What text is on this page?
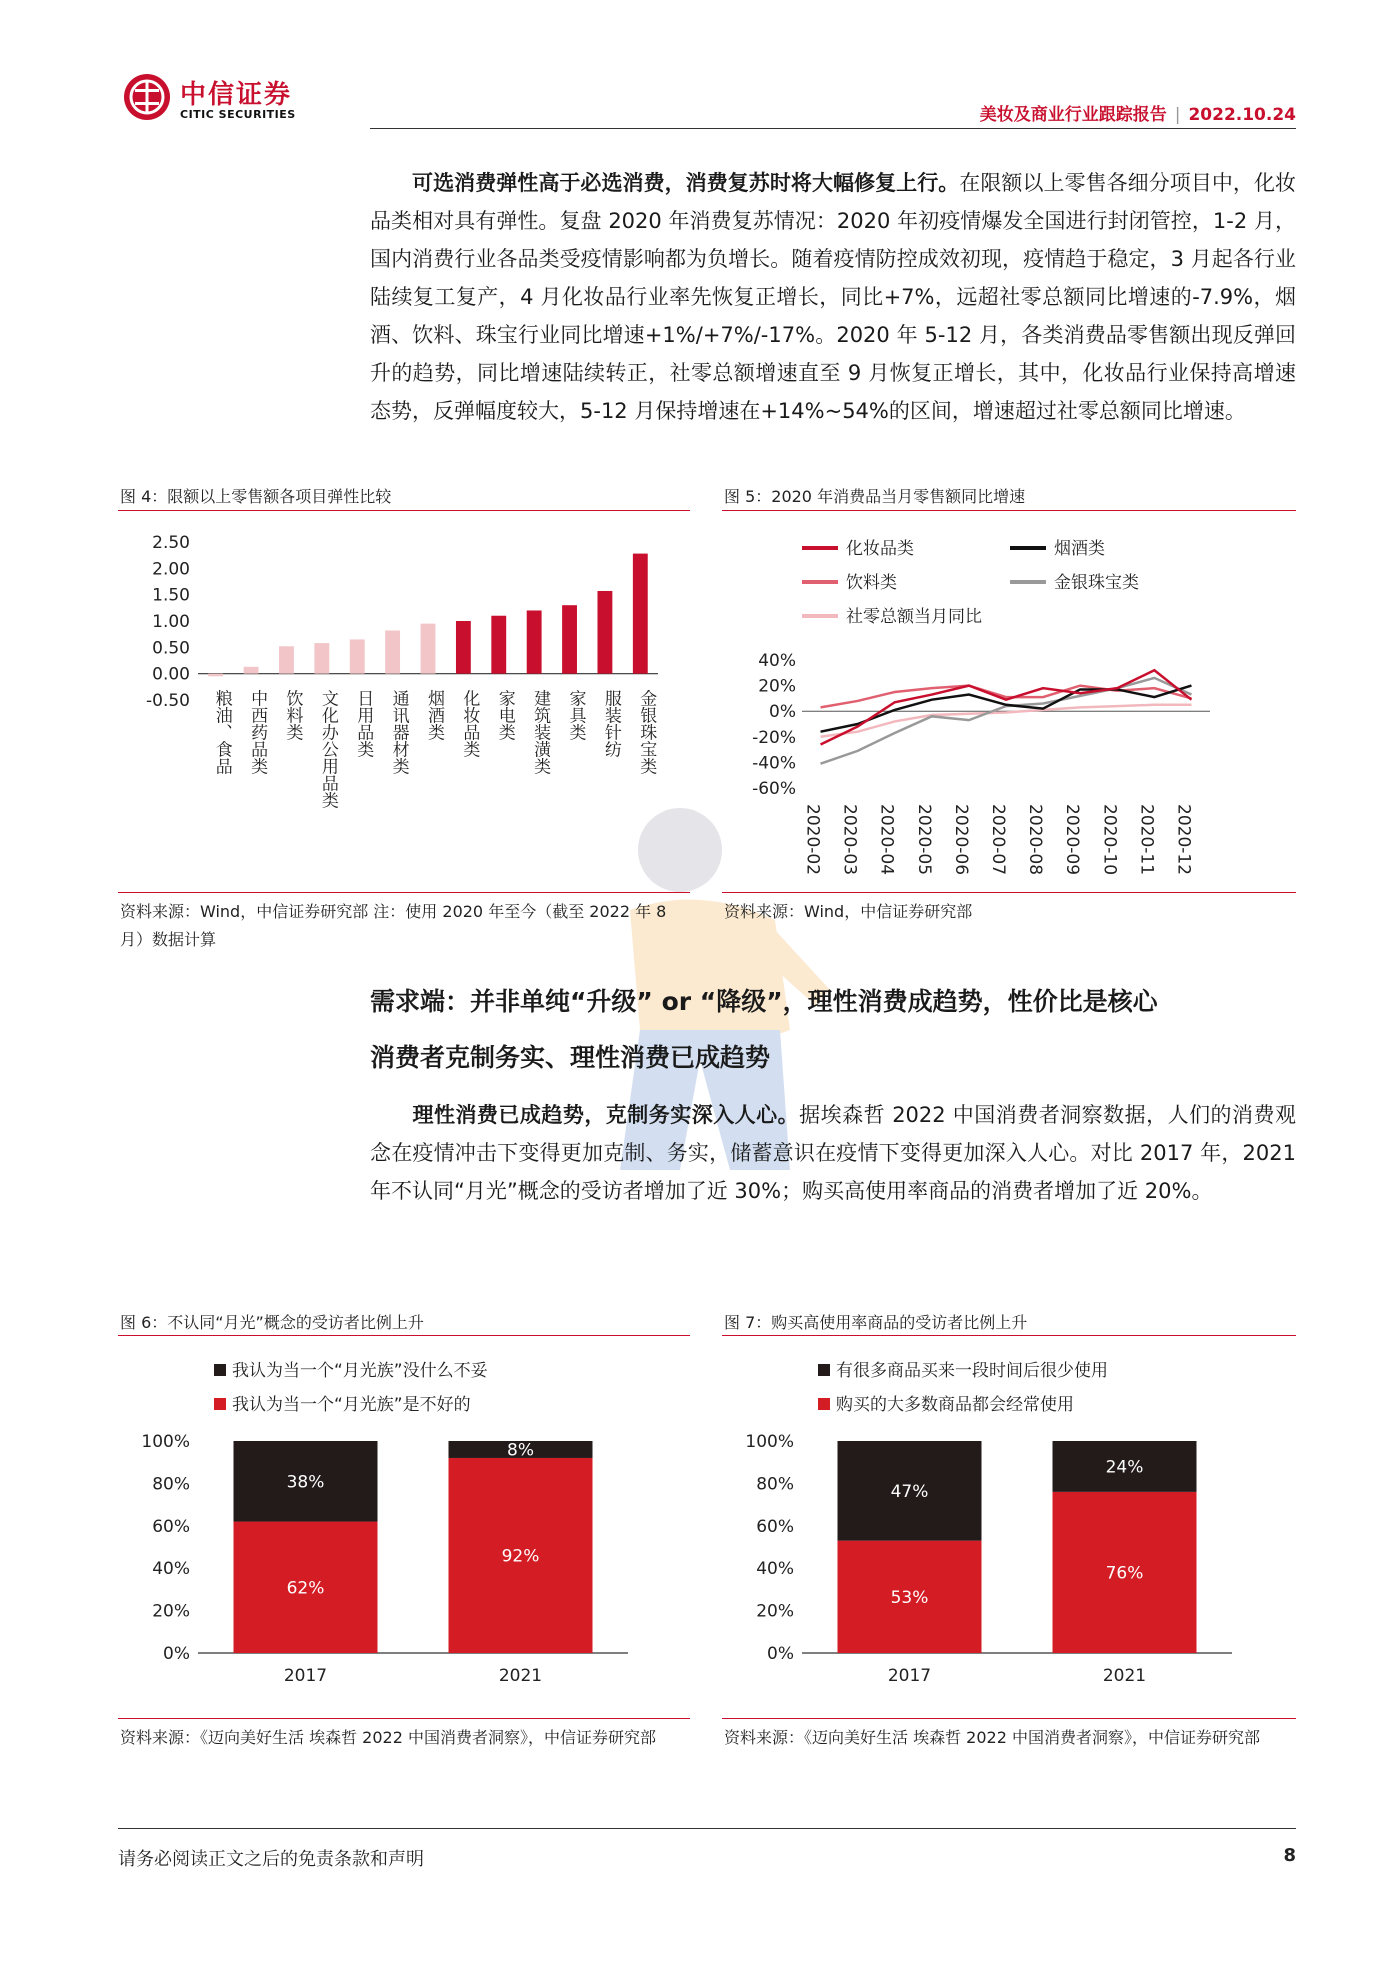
中信证券
CITIC SECURITIES	美妆及商业行业跟踪报告 | 2022.10.24
可选消费弹性高于必选消费，消费复苏时将大幅修复上行。在限额以上零售各细分项目中，化妆品类相对具有弹性。复盘 2020 年消费复苏情况：2020 年初疫情爆发全国进行封闭管控，1-2 月，国内消费行业各品类受疫情影响都为负增长。随着疫情防控成效初现，疫情趋于稳定，3 月起各行业陆续复工复产，4 月化妆品行业率先恢复正增长，同比+7%，远超社零总额同比增速的-7.9%，烟酒、饮料、珠宝行业同比增速+1%/+7%/-17%。2020 年 5-12 月，各类消费品零售额出现反弹回升的趋势，同比增速陆续转正，社零总额增速直至 9 月恢复正增长，其中，化妆品行业保持高增速态势，反弹幅度较大，5-12 月保持增速在+14%~54%的区间，增速超过社零总额同比增速。
图 4：限额以上零售额各项目弹性比较
2.50
2.00
1.50
1.00
0.50
0.00
-0.50 粮油、食品 中西药品类 饮料类 文化办公用品类 日用品类 通讯器材类 烟酒类 化妆品类 家电类 建筑装潢类 家具类 服装针纺 金银珠宝类
资料来源：Wind，中信证券研究部 注：使用 2020 年至今（截至 2022 年 8 月）数据计算
图 5：2020 年消费品当月零售额同比增速
化妆品类	烟酒类
饮料类	金银珠宝类
社零总额当月同比
40%
20%
0%
-20%
-40%
-60%
2020-02 2020-03 2020-04 2020-05 2020-06 2020-07 2020-08 2020-09 2020-10 2020-11 2020-12
资料来源：Wind，中信证券研究部
需求端：并非单纯“升级” or “降级”，理性消费成趋势，性价比是核心
消费者克制务实、理性消费已成趋势
理性消费已成趋势，克制务实深入人心。据埃森哲 2022 中国消费者洞察数据，人们的消费观念在疫情冲击下变得更加克制、务实，储蓄意识在疫情下变得更加深入人心。对比 2017 年，2021 年不认同“月光”概念的受访者增加了近 30%；购买高使用率商品的消费者增加了近 20%。
图 6：不认同“月光”概念的受访者比例上升
我认为当一个“月光族”没什么不妥
我认为当一个“月光族”是不好的
100%
80%
60%
40%
20%
0%
62%
38%
2017
92%
8%
2021
资料来源：《迈向美好生活 埃森哲 2022 中国消费者洞察》，中信证券研究部
图 7：购买高使用率商品的受访者比例上升
有很多商品买来一段时间后很少使用
购买的大多数商品都会经常使用
100%
80%
60%
40%
20%
0%
53%
47%
2017
76%
24%
2021
资料来源：《迈向美好生活 埃森哲 2022 中国消费者洞察》，中信证券研究部
请务必阅读正文之后的免责条款和声明	8
